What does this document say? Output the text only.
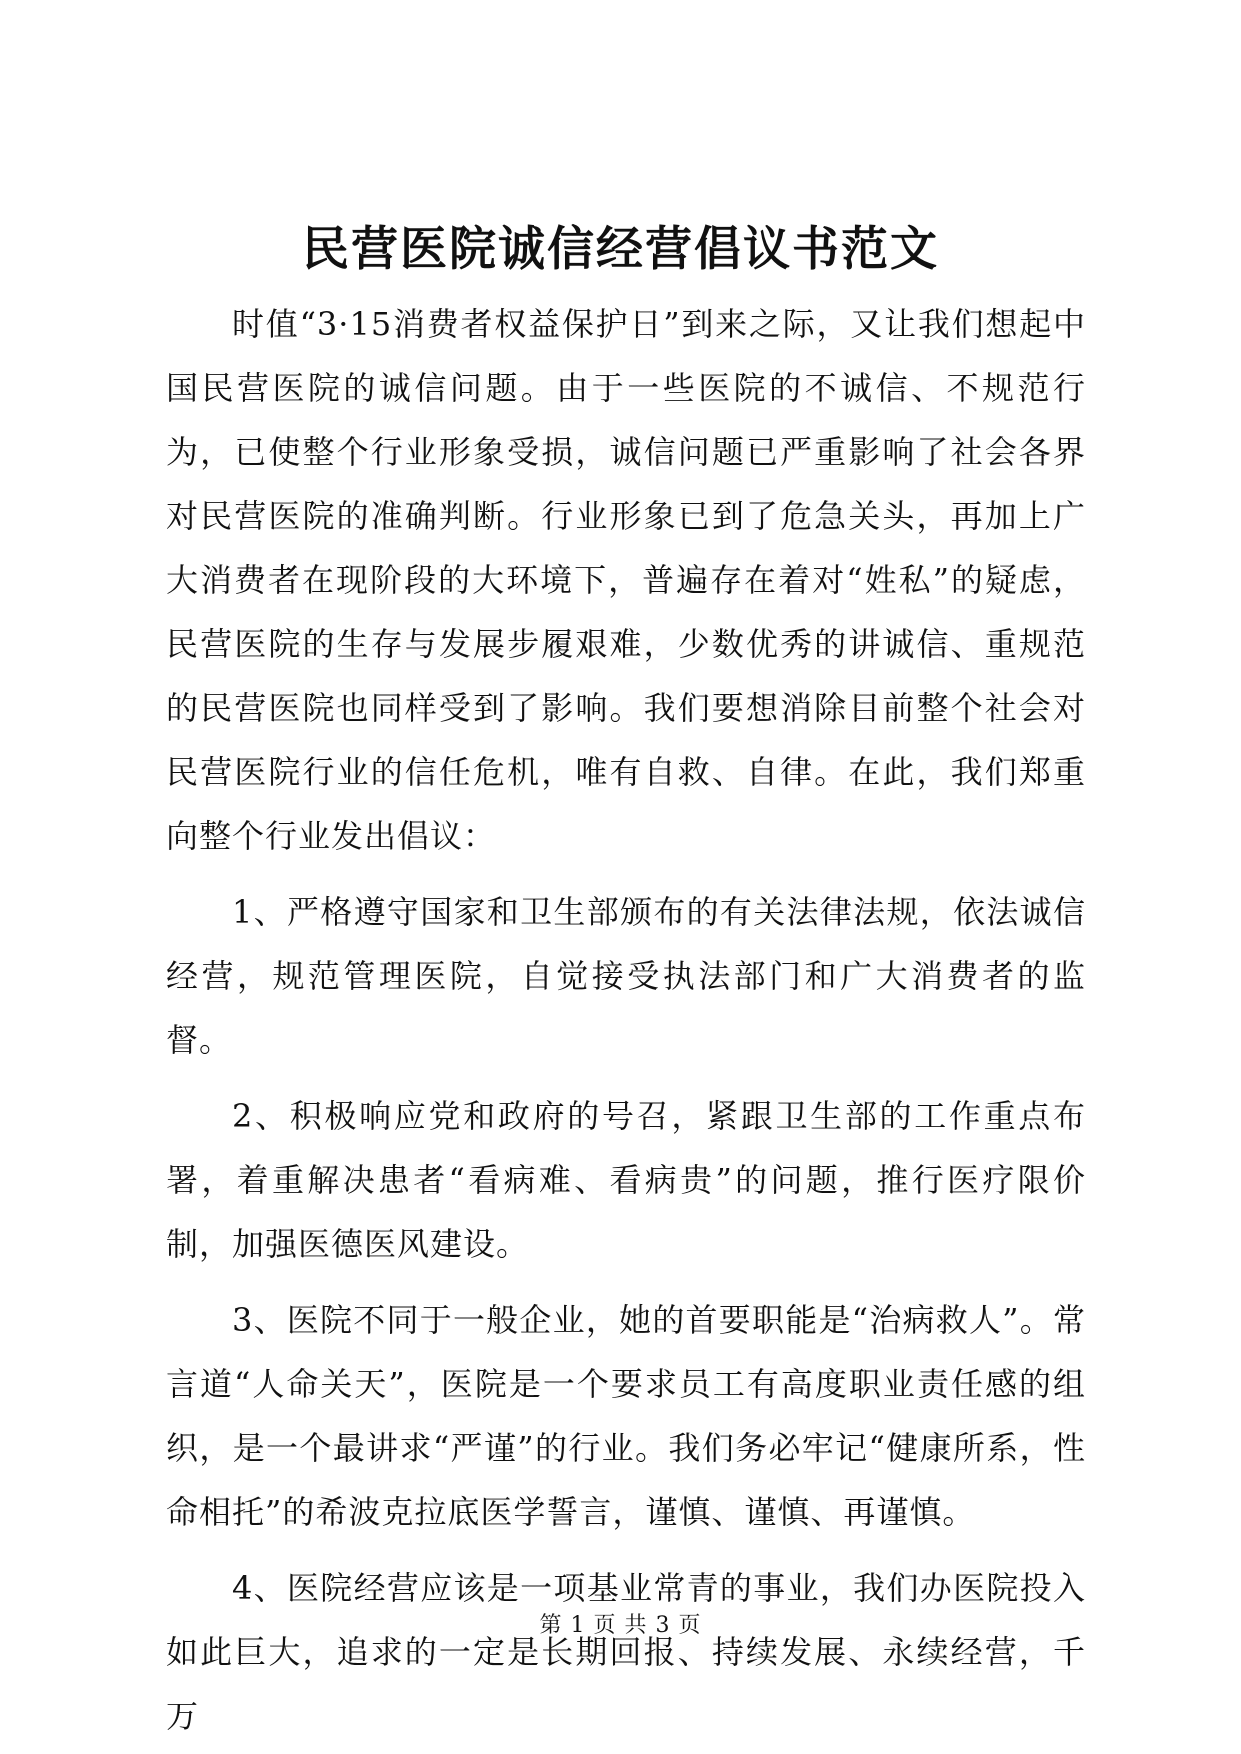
民营医院诚信经营倡议书范文

时值“3·15消费者权益保护日”到来之际，又让我们想起中国民营医院的诚信问题。由于一些医院的不诚信、不规范行为，已使整个行业形象受损，诚信问题已严重影响了社会各界对民营医院的准确判断。行业形象已到了危急关头，再加上广大消费者在现阶段的大环境下，普遍存在着对“姓私”的疑虑，民营医院的生存与发展步履艰难，少数优秀的讲诚信、重规范的民营医院也同样受到了影响。我们要想消除目前整个社会对民营医院行业的信任危机，唯有自救、自律。在此，我们郑重向整个行业发出倡议：

1、严格遵守国家和卫生部颁布的有关法律法规，依法诚信经营，规范管理医院，自觉接受执法部门和广大消费者的监督。

2、积极响应党和政府的号召，紧跟卫生部的工作重点布署，着重解决患者“看病难、看病贵”的问题，推行医疗限价制，加强医德医风建设。

3、医院不同于一般企业，她的首要职能是“治病救人”。常言道“人命关天”，医院是一个要求员工有高度职业责任感的组织，是一个最讲求“严谨”的行业。我们务必牢记“健康所系，性命相托”的希波克拉底医学誓言，谨慎、谨慎、再谨慎。

4、医院经营应该是一项基业常青的事业，我们办医院投入如此巨大，追求的一定是长期回报、持续发展、永续经营，千万

第 1 页 共 3 页
